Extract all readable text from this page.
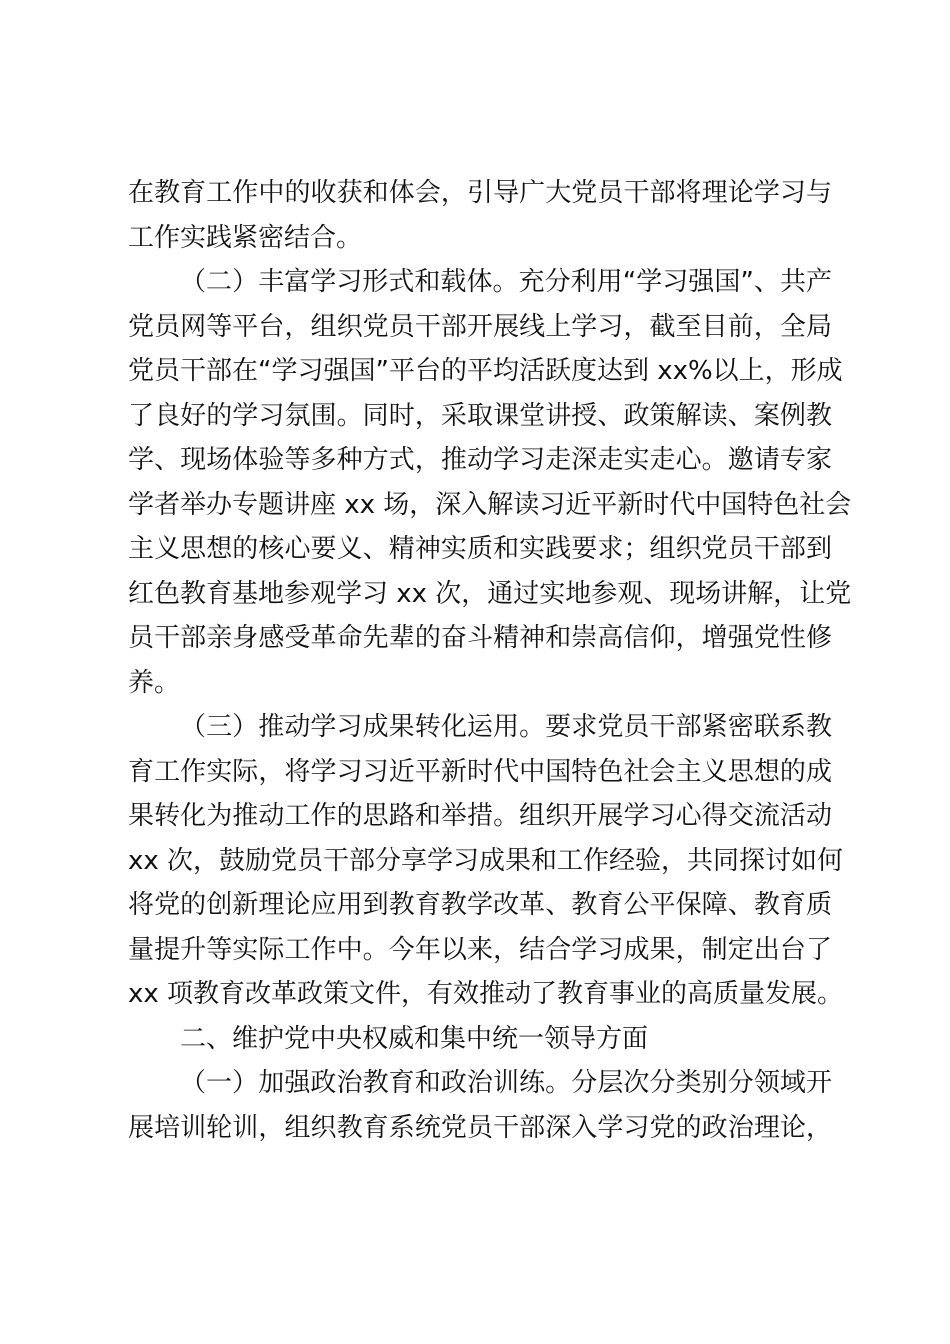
在教育工作中的收获和体会，引导广大党员干部将理论学习与
工作实践紧密结合。
（二）丰富学习形式和载体。充分利用“学习强国”、共产
党员网等平台，组织党员干部开展线上学习，截至目前，全局
党员干部在“学习强国”平台的平均活跃度达到 xx%以上，形成
了良好的学习氛围。同时，采取课堂讲授、政策解读、案例教
学、现场体验等多种方式，推动学习走深走实走心。邀请专家
学者举办专题讲座 xx 场，深入解读习近平新时代中国特色社会
主义思想的核心要义、精神实质和实践要求；组织党员干部到
红色教育基地参观学习 xx 次，通过实地参观、现场讲解，让党
员干部亲身感受革命先辈的奋斗精神和崇高信仰，增强党性修
养。
（三）推动学习成果转化运用。要求党员干部紧密联系教
育工作实际，将学习习近平新时代中国特色社会主义思想的成
果转化为推动工作的思路和举措。组织开展学习心得交流活动
xx 次，鼓励党员干部分享学习成果和工作经验，共同探讨如何
将党的创新理论应用到教育教学改革、教育公平保障、教育质
量提升等实际工作中。今年以来，结合学习成果，制定出台了
xx 项教育改革政策文件，有效推动了教育事业的高质量发展。
二、维护党中央权威和集中统一领导方面
（一）加强政治教育和政治训练。分层次分类别分领域开
展培训轮训，组织教育系统党员干部深入学习党的政治理论，
